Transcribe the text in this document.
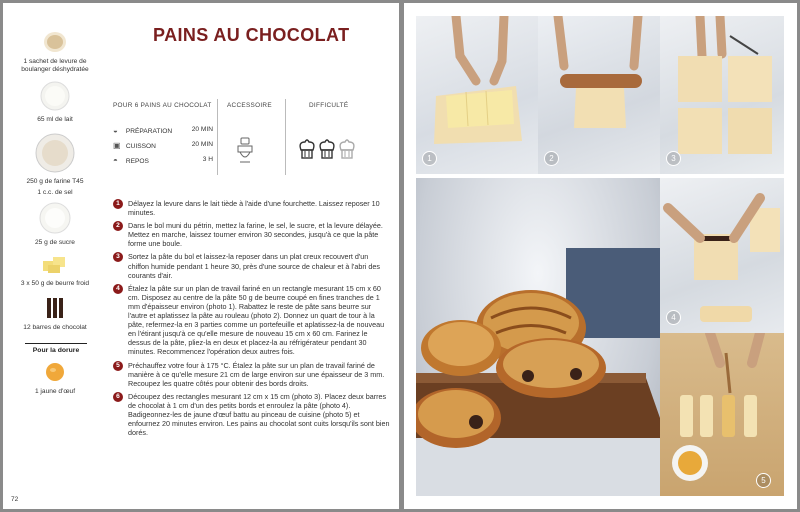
1 sachet de levure de boulanger déshydratée
65 ml de lait
250 g de farine T45
1 c.c. de sel
25 g de sucre
3 x 50 g de beurre froid
12 barres de chocolat
Pour la dorure
1 jaune d'œuf
PAINS AU CHOCOLAT
POUR 6 PAINS AU CHOCOLAT ACCESSOIRE	DIFFICULTÉ
◒ PRÉPARATION	20 MIN
▣ CUISSON	20 MIN
◓ REPOS	3 H
1	Délayez la levure dans le lait tiède à l'aide d'une fourchette. Laissez reposer 10 minutes.
2	Dans le bol muni du pétrin, mettez la farine, le sel, le sucre, et la levure délayée. Mettez en marche, laissez tourner environ 30 secondes, jusqu'à ce que la pâte forme une boule.
3	Sortez la pâte du bol et laissez-la reposer dans un plat creux recouvert d'un chiffon humide pendant 1 heure 30, près d'une source de chaleur et à l'abri des courants d'air.
4	Étalez la pâte sur un plan de travail fariné en un rectangle mesurant 15 cm x 60 cm. Disposez au centre de la pâte 50 g de beurre coupé en fines tranches de 1 mm d'épaisseur environ (photo 1). Rabattez le reste de pâte sans beurre sur l'autre et aplatissez la pâte au rouleau (photo 2). Donnez un quart de tour à la pâte, refermez-la en 3 parties comme un portefeuille et aplatissez-la de nouveau en l'étirant jusqu'à ce qu'elle mesure de nouveau 15 cm x 60 cm. Farinez le dessus de la pâte, pliez-la en deux et placez-la au réfrigérateur pendant 30 minutes. Recommencez l'opération deux autres fois.
5	Préchauffez votre four à 175 °C. Étalez la pâte sur un plan de travail fariné de manière à ce qu'elle mesure 21 cm de large environ sur une épaisseur de 3 mm. Recoupez les quatre côtés pour obtenir des bords droits.
6	Découpez des rectangles mesurant 12 cm x 15 cm (photo 3). Placez deux barres de chocolat à 1 cm d'un des petits bords et enroulez la pâte (photo 4). Badigeonnez-les de jaune d'œuf battu au pinceau de cuisine (photo 5) et enfournez 20 minutes environ. Les pains au chocolat sont cuits lorsqu'ils sont bien dorés.
72
1	2	3
4
5
